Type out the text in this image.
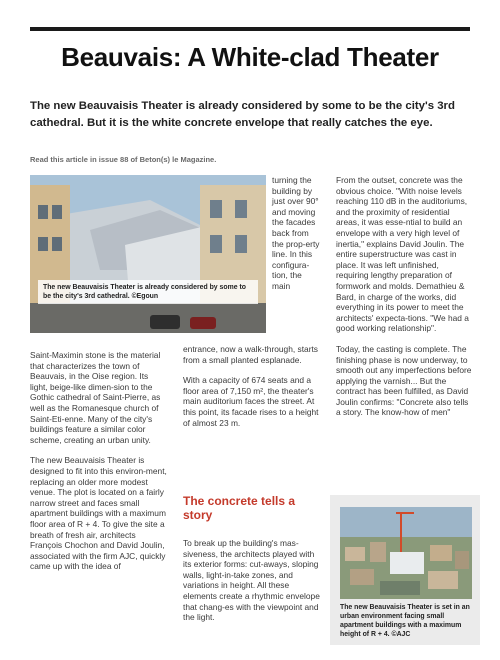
Beauvais: A White-clad Theater

The new Beauvaisis Theater is already considered by some to be the city's 3rd cathedral. But it is the white concrete envelope that really catches the eye.

Read this article in issue 88 of Beton(s) le Magazine.

The new Beauvaisis Theater is already considered by some to be the city's 3rd cathedral. ©Egoun

turning the building by just over 90° and moving the facades back from the prop-erty line. In this configura-tion, the main

Saint-Maximin stone is the material that characterizes the town of Beauvais, in the Oise region. Its light, beige-like dimen-sion to the Gothic cathedral of Saint-Pierre, as well as the Romanesque church of Saint-Eti-enne. Many of the city's buildings feature a similar color scheme, creating an urban unity.

The new Beauvaisis Theater is designed to fit into this environ-ment, replacing an older more modest venue. The plot is located on a fairly narrow street and faces small apartment buildings with a maximum floor area of R + 4. To give the site a breath of fresh air, architects François Chochon and David Joulin, associated with the firm AJC, quickly came up with the idea of

entrance, now a walk-through, starts from a small planted esplanade.

With a capacity of 674 seats and a floor area of 7,150 m², the theater's main auditorium faces the street. At this point, its facade rises to a height of almost 23 m.

The concrete tells a story

To break up the building's mas-siveness, the architects played with its exterior forms: cut-aways, sloping walls, light-in-take zones, and variations in height. All these elements create a rhythmic envelope that chang-es with the viewpoint and the light.

From the outset, concrete was the obvious choice. "With noise levels reaching 110 dB in the auditoriums, and the proximity of residential areas, it was esse-ntial to build an envelope with a very high level of inertia," explains David Joulin. The entire superstructure was cast in place. It was left unfinished, requiring lengthy preparation of formwork and molds. Demathieu & Bard, in charge of the works, did everything in its power to meet the architects' expecta-tions. "We had a good working relationship".

Today, the casting is complete. The finishing phase is now underway, to smooth out any imperfections before applying the varnish... But the contract has been fulfilled, as David Joulin confirms: "Concrete also tells a story. The know-how of men"

The new Beauvaisis Theater is set in an urban environment facing small apartment buildings with a maximum height of R + 4. ©AJC
